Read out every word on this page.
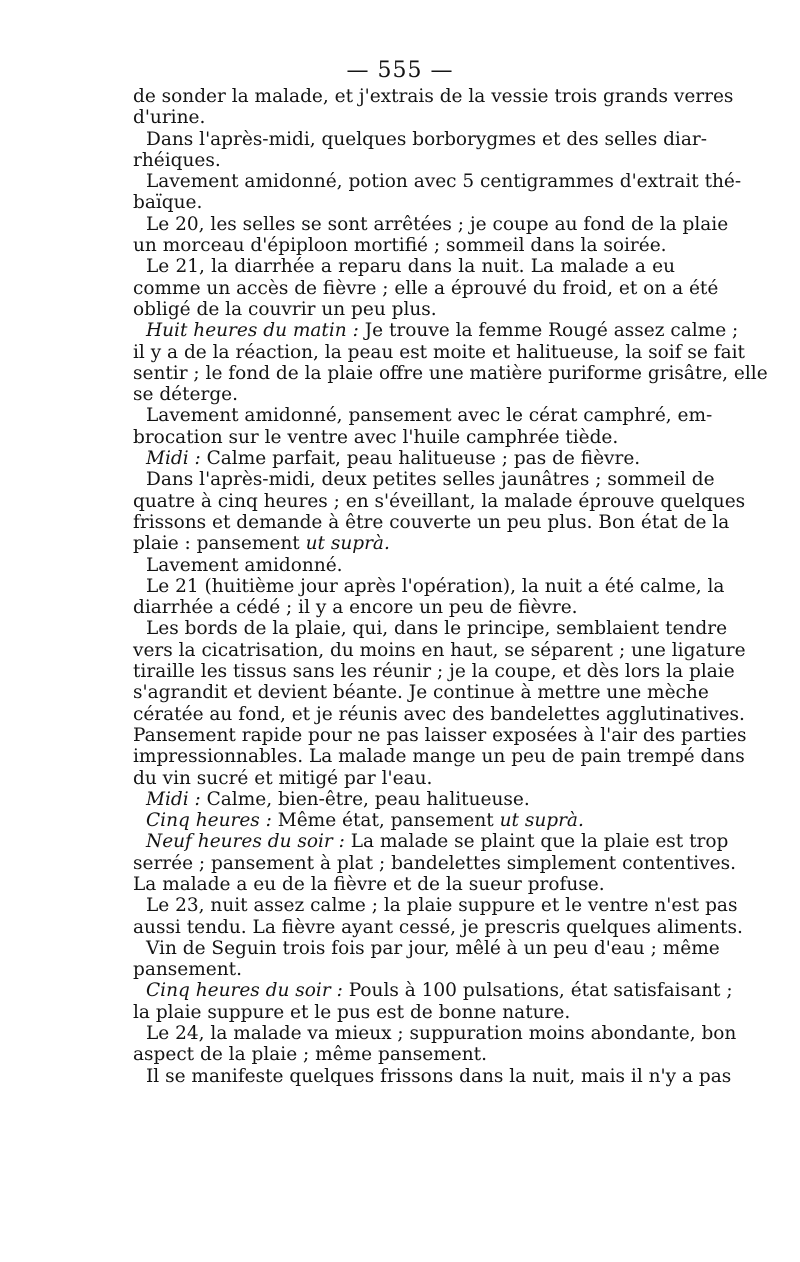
— 555 —
de sonder la malade, et j'extrais de la vessie trois grands verres
d'urine.
Dans l'après-midi, quelques borborygmes et des selles diar-
rhéiques.
Lavement amidonné, potion avec 5 centigrammes d'extrait thé-
baïque.
Le 20, les selles se sont arrêtées ; je coupe au fond de la plaie
un morceau d'épiploon mortifié ; sommeil dans la soirée.
Le 21, la diarrhée a reparu dans la nuit. La malade a eu
comme un accès de fièvre ; elle a éprouvé du froid, et on a été
obligé de la couvrir un peu plus.
Huit heures du matin : Je trouve la femme Rougé assez calme ;
il y a de la réaction, la peau est moite et halitueuse, la soif se fait
sentir ; le fond de la plaie offre une matière puriforme grisâtre, elle
se déterge.
Lavement amidonné, pansement avec le cérat camphré, em-
brocation sur le ventre avec l'huile camphrée tiède.
Midi : Calme parfait, peau halitueuse ; pas de fièvre.
Dans l'après-midi, deux petites selles jaunâtres ; sommeil de
quatre à cinq heures ; en s'éveillant, la malade éprouve quelques
frissons et demande à être couverte un peu plus. Bon état de la
plaie : pansement ut suprà.
Lavement amidonné.
Le 21 (huitième jour après l'opération), la nuit a été calme, la
diarrhée a cédé ; il y a encore un peu de fièvre.
Les bords de la plaie, qui, dans le principe, semblaient tendre
vers la cicatrisation, du moins en haut, se séparent ; une ligature
tiraille les tissus sans les réunir ; je la coupe, et dès lors la plaie
s'agrandit et devient béante. Je continue à mettre une mèche
cératée au fond, et je réunis avec des bandelettes agglutinatives.
Pansement rapide pour ne pas laisser exposées à l'air des parties
impressionnables. La malade mange un peu de pain trempé dans
du vin sucré et mitigé par l'eau.
Midi : Calme, bien-être, peau halitueuse.
Cinq heures : Même état, pansement ut suprà.
Neuf heures du soir : La malade se plaint que la plaie est trop
serrée ; pansement à plat ; bandelettes simplement contentives.
La malade a eu de la fièvre et de la sueur profuse.
Le 23, nuit assez calme ; la plaie suppure et le ventre n'est pas
aussi tendu. La fièvre ayant cessé, je prescris quelques aliments.
Vin de Seguin trois fois par jour, mêlé à un peu d'eau ; même
pansement.
Cinq heures du soir : Pouls à 100 pulsations, état satisfaisant ;
la plaie suppure et le pus est de bonne nature.
Le 24, la malade va mieux ; suppuration moins abondante, bon
aspect de la plaie ; même pansement.
Il se manifeste quelques frissons dans la nuit, mais il n'y a pas
